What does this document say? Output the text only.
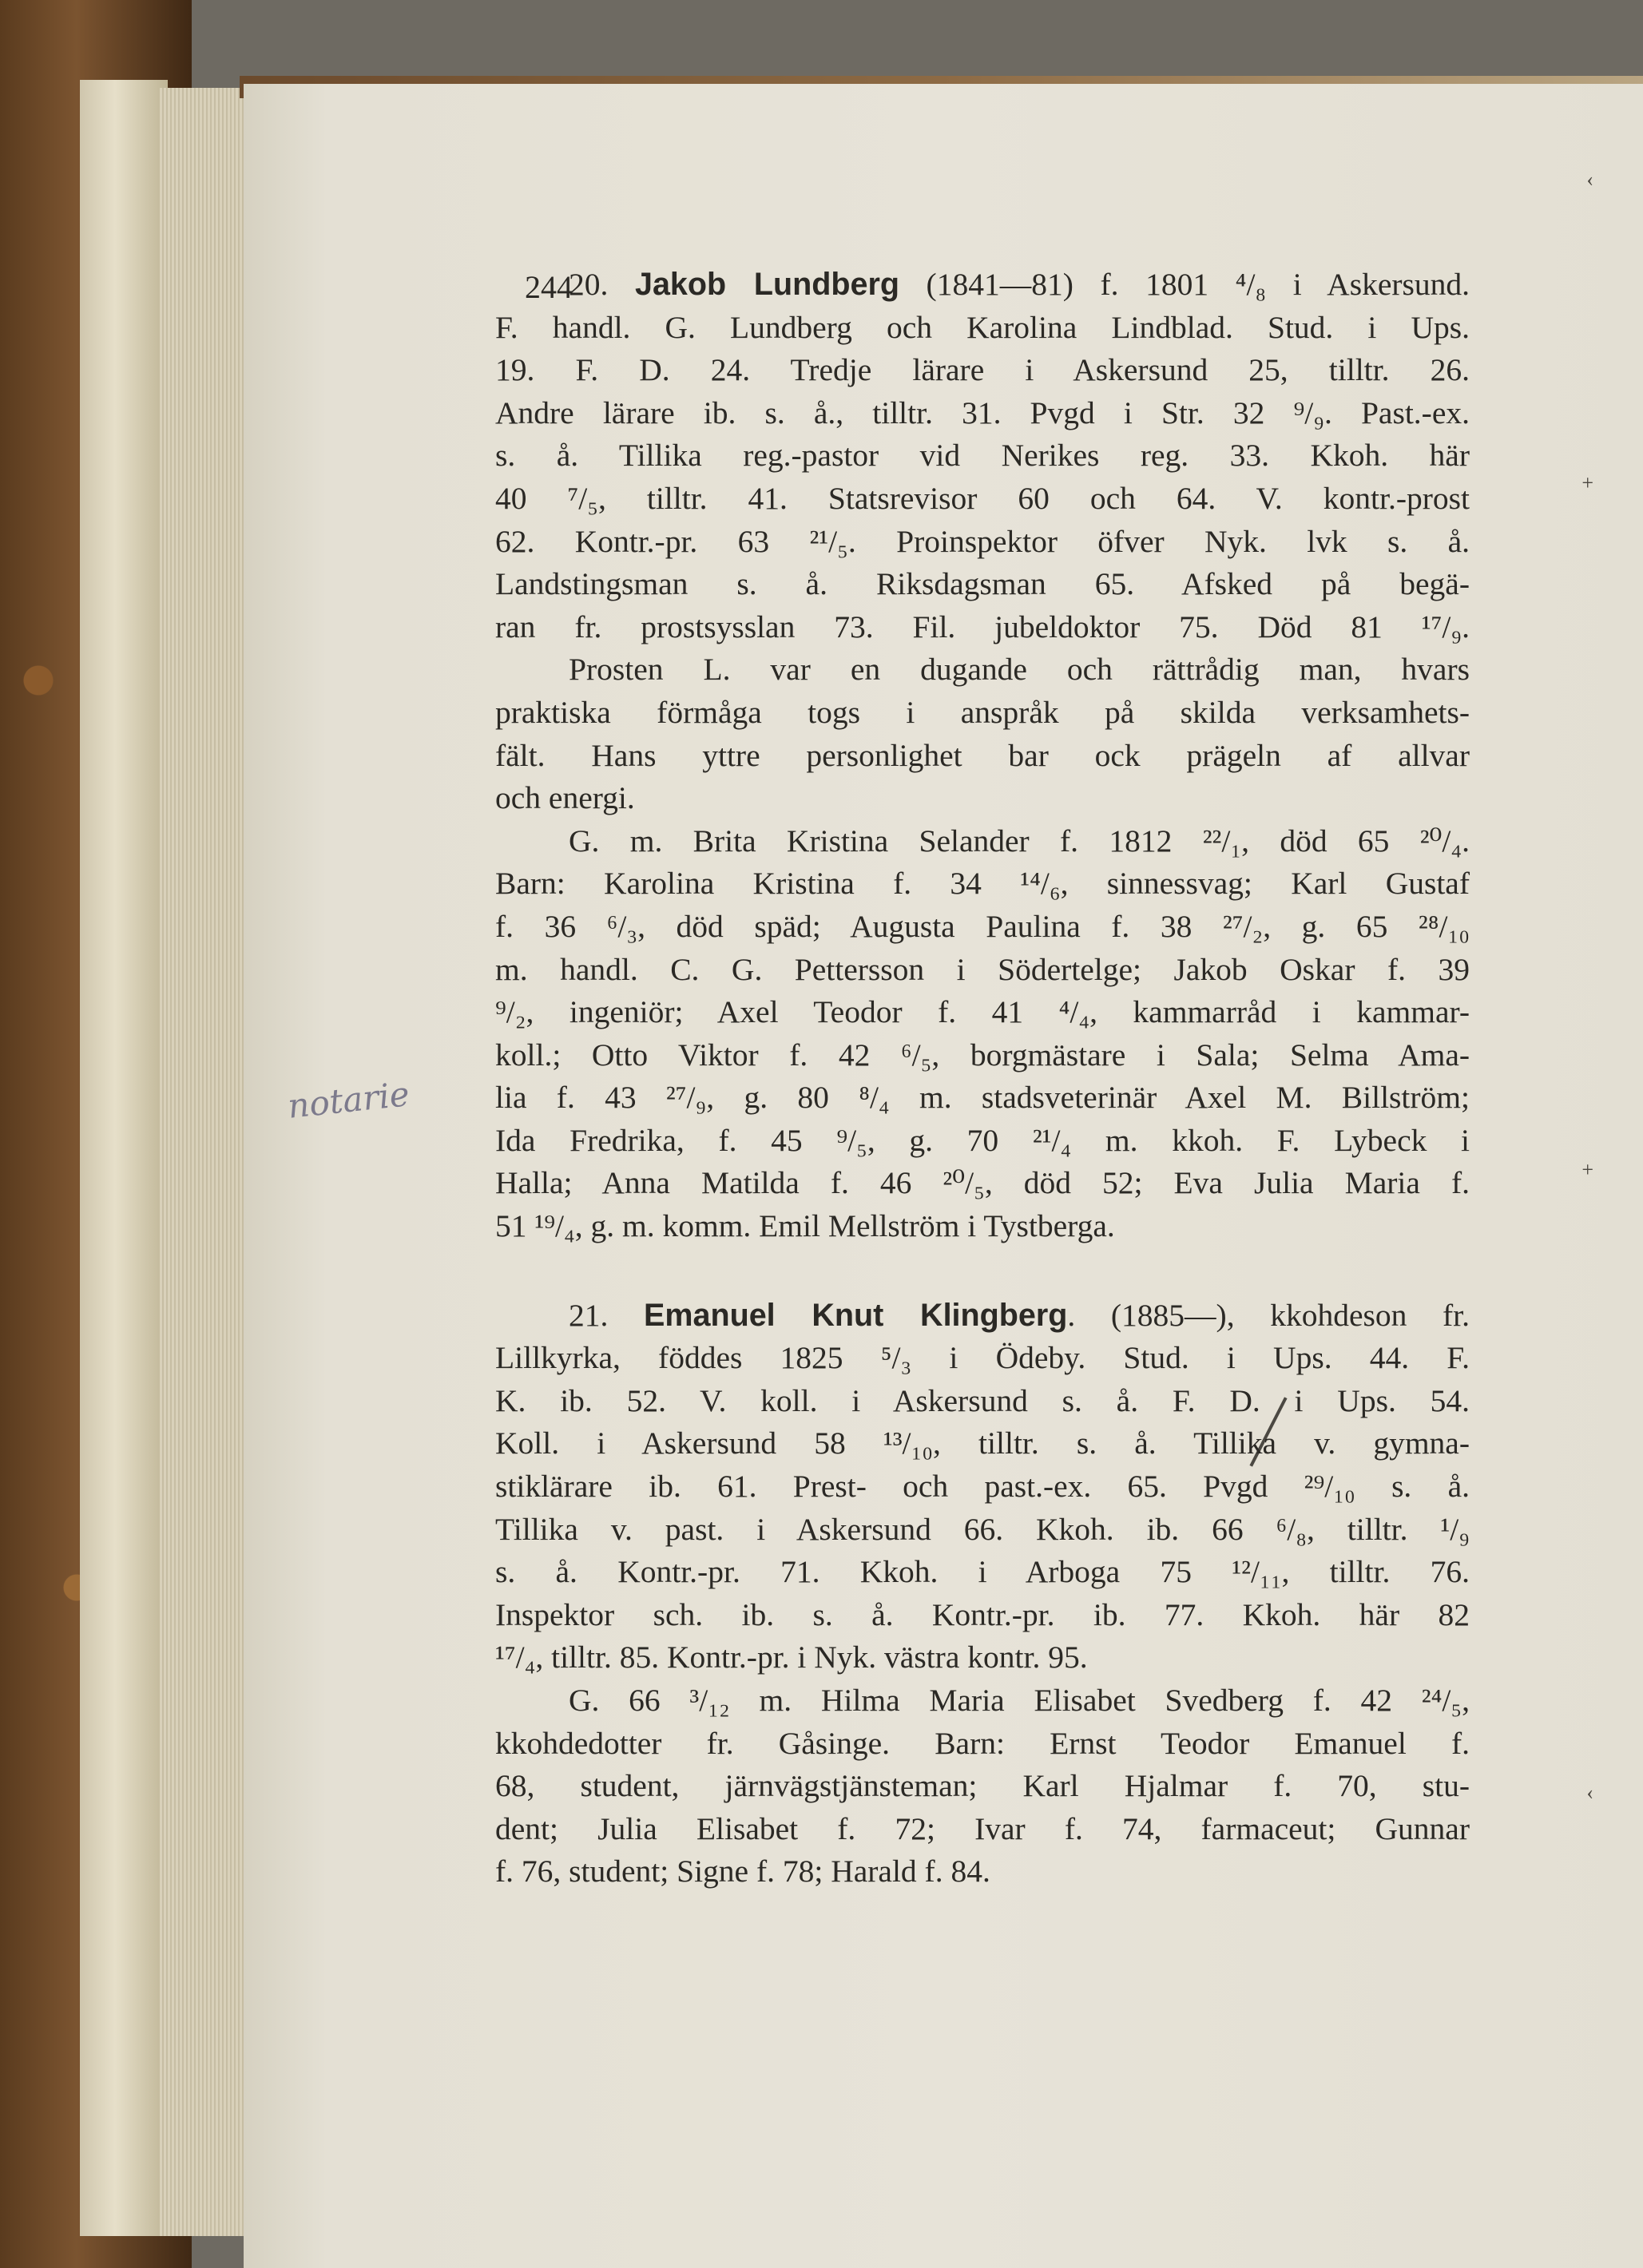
244
notarie
‹
+
+
‹
20. Jakob Lundberg (1841—81) f. 1801 ⁴/₈ i Askersund.
F. handl. G. Lundberg och Karolina Lindblad. Stud. i Ups.
19. F. D. 24. Tredje lärare i Askersund 25, tilltr. 26.
Andre lärare ib. s. å., tilltr. 31. Pvgd i Str. 32 ⁹/₉. Past.-ex.
s. å. Tillika reg.-pastor vid Nerikes reg. 33. Kkoh. här
40 ⁷/₅, tilltr. 41. Statsrevisor 60 och 64. V. kontr.-prost
62. Kontr.-pr. 63 ²¹/₅. Proinspektor öfver Nyk. lvk s. å.
Landstingsman s. å. Riksdagsman 65. Afsked på begä-
ran fr. prostsysslan 73. Fil. jubeldoktor 75. Död 81 ¹⁷/₉.
Prosten L. var en dugande och rättrådig man, hvars
praktiska förmåga togs i anspråk på skilda verksamhets-
fält. Hans yttre personlighet bar ock prägeln af allvar
och energi.
G. m. Brita Kristina Selander f. 1812 ²²/₁, död 65 ²⁰/₄.
Barn: Karolina Kristina f. 34 ¹⁴/₆, sinnessvag; Karl Gustaf
f. 36 ⁶/₃, död späd; Augusta Paulina f. 38 ²⁷/₂, g. 65 ²⁸/₁₀
m. handl. C. G. Pettersson i Södertelge; Jakob Oskar f. 39
⁹/₂, ingeniör; Axel Teodor f. 41 ⁴/₄, kammarråd i kammar-
koll.; Otto Viktor f. 42 ⁶/₅, borgmästare i Sala; Selma Ama-
lia f. 43 ²⁷/₉, g. 80 ⁸/₄ m. stadsveterinär Axel M. Billström;
Ida Fredrika, f. 45 ⁹/₅, g. 70 ²¹/₄ m. kkoh. F. Lybeck i
Halla; Anna Matilda f. 46 ²⁰/₅, död 52; Eva Julia Maria f.
51 ¹⁹/₄, g. m. komm. Emil Mellström i Tystberga.
21. Emanuel Knut Klingberg. (1885—), kkohdeson fr.
Lillkyrka, föddes 1825 ⁵/₃ i Ödeby. Stud. i Ups. 44. F.
K. ib. 52. V. koll. i Askersund s. å. F. D. i Ups. 54.
Koll. i Askersund 58 ¹³/₁₀, tilltr. s. å. Tillika v. gymna-
stiklärare ib. 61. Prest- och past.-ex. 65. Pvgd ²⁹/₁₀ s. å.
Tillika v. past. i Askersund 66. Kkoh. ib. 66 ⁶/₈, tilltr. ¹/₉
s. å. Kontr.-pr. 71. Kkoh. i Arboga 75 ¹²/₁₁, tilltr. 76.
Inspektor sch. ib. s. å. Kontr.-pr. ib. 77. Kkoh. här 82
¹⁷/₄, tilltr. 85. Kontr.-pr. i Nyk. västra kontr. 95.
G. 66 ³/₁₂ m. Hilma Maria Elisabet Svedberg f. 42 ²⁴/₅,
kkohdedotter fr. Gåsinge. Barn: Ernst Teodor Emanuel f.
68, student, järnvägstjänsteman; Karl Hjalmar f. 70, stu-
dent; Julia Elisabet f. 72; Ivar f. 74, farmaceut; Gunnar
f. 76, student; Signe f. 78; Harald f. 84.
